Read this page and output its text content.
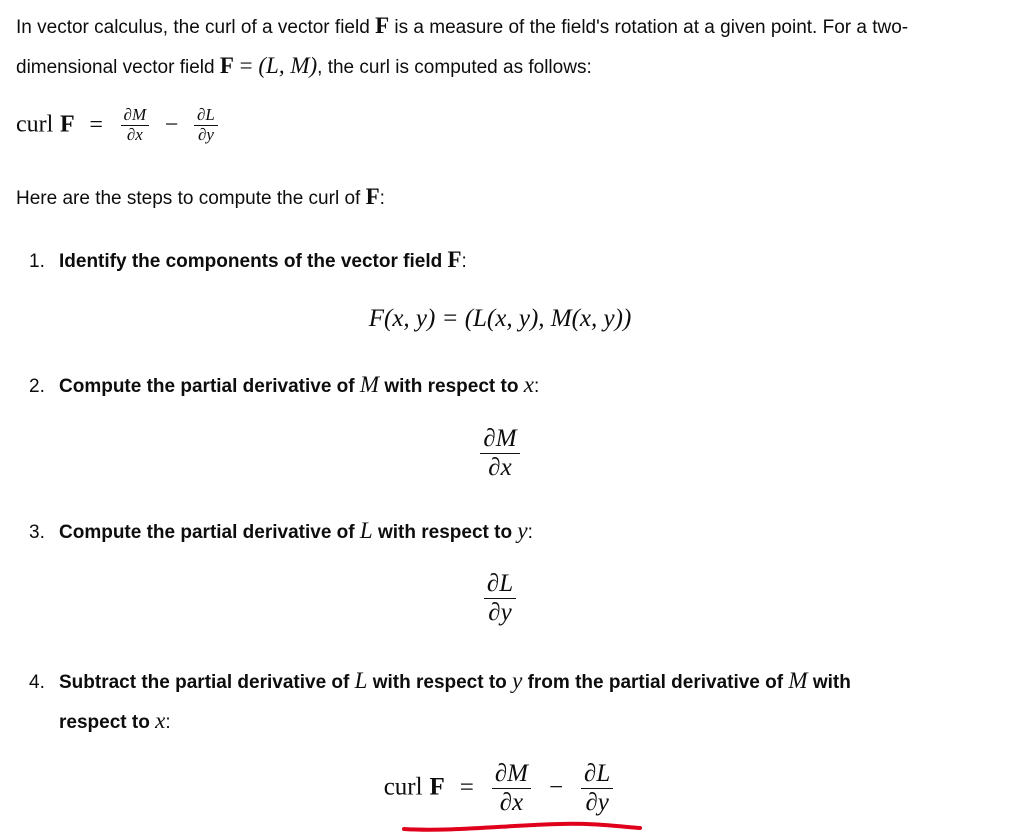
In vector calculus, the curl of a vector field F is a measure of the field's rotation at a given point. For a two-dimensional vector field F = (L, M), the curl is computed as follows:

curl $F = \frac{\partial M}{\partial x} - \frac{\partial L}{\partial y}$

Here are the steps to compute the curl of F:

1. Identify the components of the vector field F:
F(x, y) = (L(x, y), M(x, y))
2. Compute the partial derivative of M with respect to x:
$\frac{\partial M}{\partial x}$
3. Compute the partial derivative of L with respect to y:
$\frac{\partial L}{\partial y}$
4. Subtract the partial derivative of L with respect to y from the partial derivative of M with
respect to x:
curl $F = \frac{\partial M}{\partial x} - \frac{\partial L}{\partial y}$
